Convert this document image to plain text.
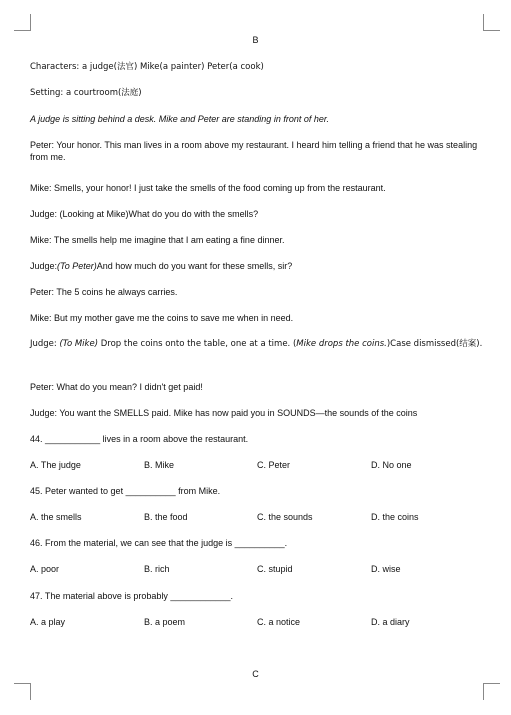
B
Characters: a judge(法官) Mike(a painter) Peter(a cook)
Setting: a courtroom(法庭)
A judge is sitting behind a desk. Mike and Peter are standing in front of her.
Peter: Your honor. This man lives in a room above my restaurant. I heard him telling a friend that he was stealing from me.
Mike: Smells, your honor! I just take the smells of the food coming up from the restaurant.
Judge: (Looking at Mike)What do you do with the smells?
Mike: The smells help me imagine that I am eating a fine dinner.
Judge:(To Peter)And how much do you want for these smells, sir?
Peter: The 5 coins he always carries.
Mike: But my mother gave me the coins to save me when in need.
Judge: (To Mike) Drop the coins onto the table, one at a time. (Mike drops the coins.)Case dismissed(结案).
Peter: What do you mean? I didn't get paid!
Judge: You want the SMELLS paid. Mike has now paid you in SOUNDS—the sounds of the coins
44. ___________ lives in a room above the restaurant.
A. The judge	B. Mike	C. Peter	D. No one
45. Peter wanted to get __________ from Mike.
A. the smells	B. the food	C. the sounds	D. the coins
46. From the material, we can see that the judge is __________.
A. poor	B. rich	C. stupid	D. wise
47. The material above is probably ____________.
A. a play	B. a poem	C. a notice	D. a diary
C
